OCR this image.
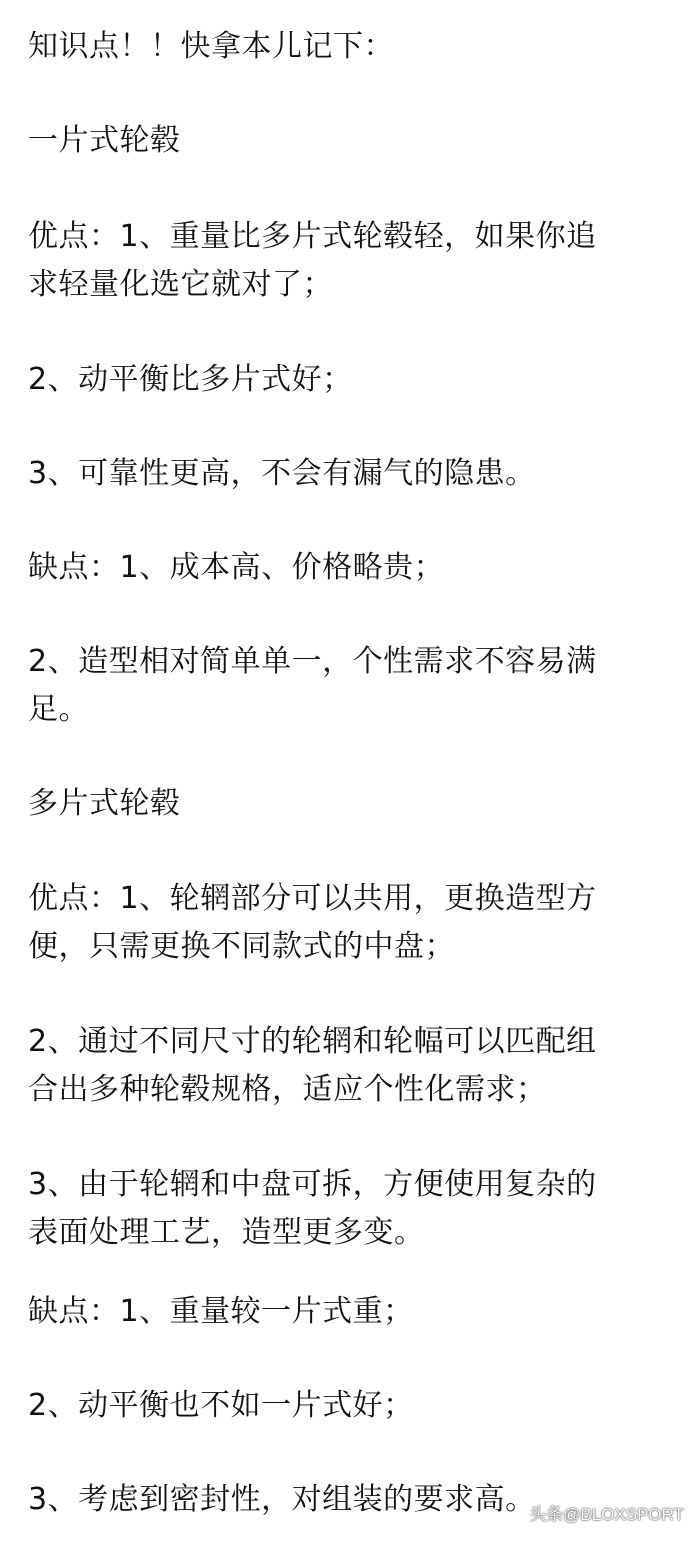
知识点！！快拿本儿记下：

一片式轮毂

优点：1、重量比多片式轮毂轻，如果你追

求轻量化选它就对了；

2、动平衡比多片式好；

3、可靠性更高，不会有漏气的隐患。

缺点：1、成本高、价格略贵；

2、造型相对简单单一，个性需求不容易满

足。

多片式轮毂

优点：1、轮辋部分可以共用，更换造型方

便，只需更换不同款式的中盘；

2、通过不同尺寸的轮辋和轮幅可以匹配组

合出多种轮毂规格，适应个性化需求；

3、由于轮辋和中盘可拆，方便使用复杂的

表面处理工艺，造型更多变。

缺点：1、重量较一片式重；

2、动平衡也不如一片式好；

3、考虑到密封性，对组装的要求高。

头条@BLOXSPORT
